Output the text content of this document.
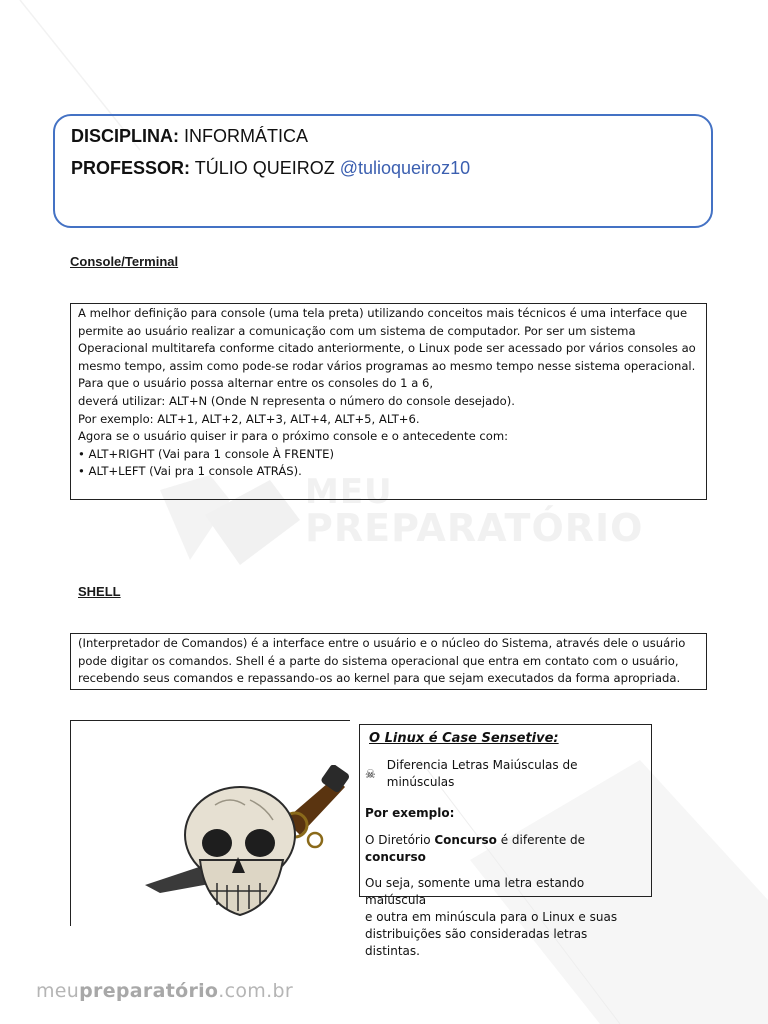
MEU
PREPARATÓRIO
DISCIPLINA: INFORMÁTICA
PROFESSOR: TÚLIO QUEIROZ @tulioqueiroz10
Console/Terminal

A melhor definição para console (uma tela preta) utilizando conceitos mais técnicos é uma interface que

permite ao usuário realizar a comunicação com um sistema de computador. Por ser um sistema

Operacional multitarefa conforme citado anteriormente, o Linux pode ser acessado por vários consoles ao

mesmo tempo, assim como pode-se rodar vários programas ao mesmo tempo nesse sistema operacional.

Para que o usuário possa alternar entre os consoles do 1 a 6,

deverá utilizar: ALT+N (Onde N representa o número do console desejado).

Por exemplo: ALT+1, ALT+2, ALT+3, ALT+4, ALT+5, ALT+6.

Agora se o usuário quiser ir para o próximo console e o antecedente com:

• ALT+RIGHT (Vai para 1 console À FRENTE)

• ALT+LEFT (Vai pra 1 console ATRÁS).

SHELL

(Interpretador de Comandos) é a interface entre o usuário e o núcleo do Sistema, através dele o usuário

pode digitar os comandos. Shell é a parte do sistema operacional que entra em contato com o usuário,

recebendo seus comandos e repassando-os ao kernel para que sejam executados da forma apropriada.

O Linux é Case Sensetive:
☠
Diferencia Letras Maiúsculas de minúsculas
Por exemplo:
O Diretório Concurso é diferente de concurso
Ou seja, somente uma letra estando maiúscula
e outra em minúscula para o Linux e suas
distribuições são consideradas letras distintas.
meupreparatório.com.br
